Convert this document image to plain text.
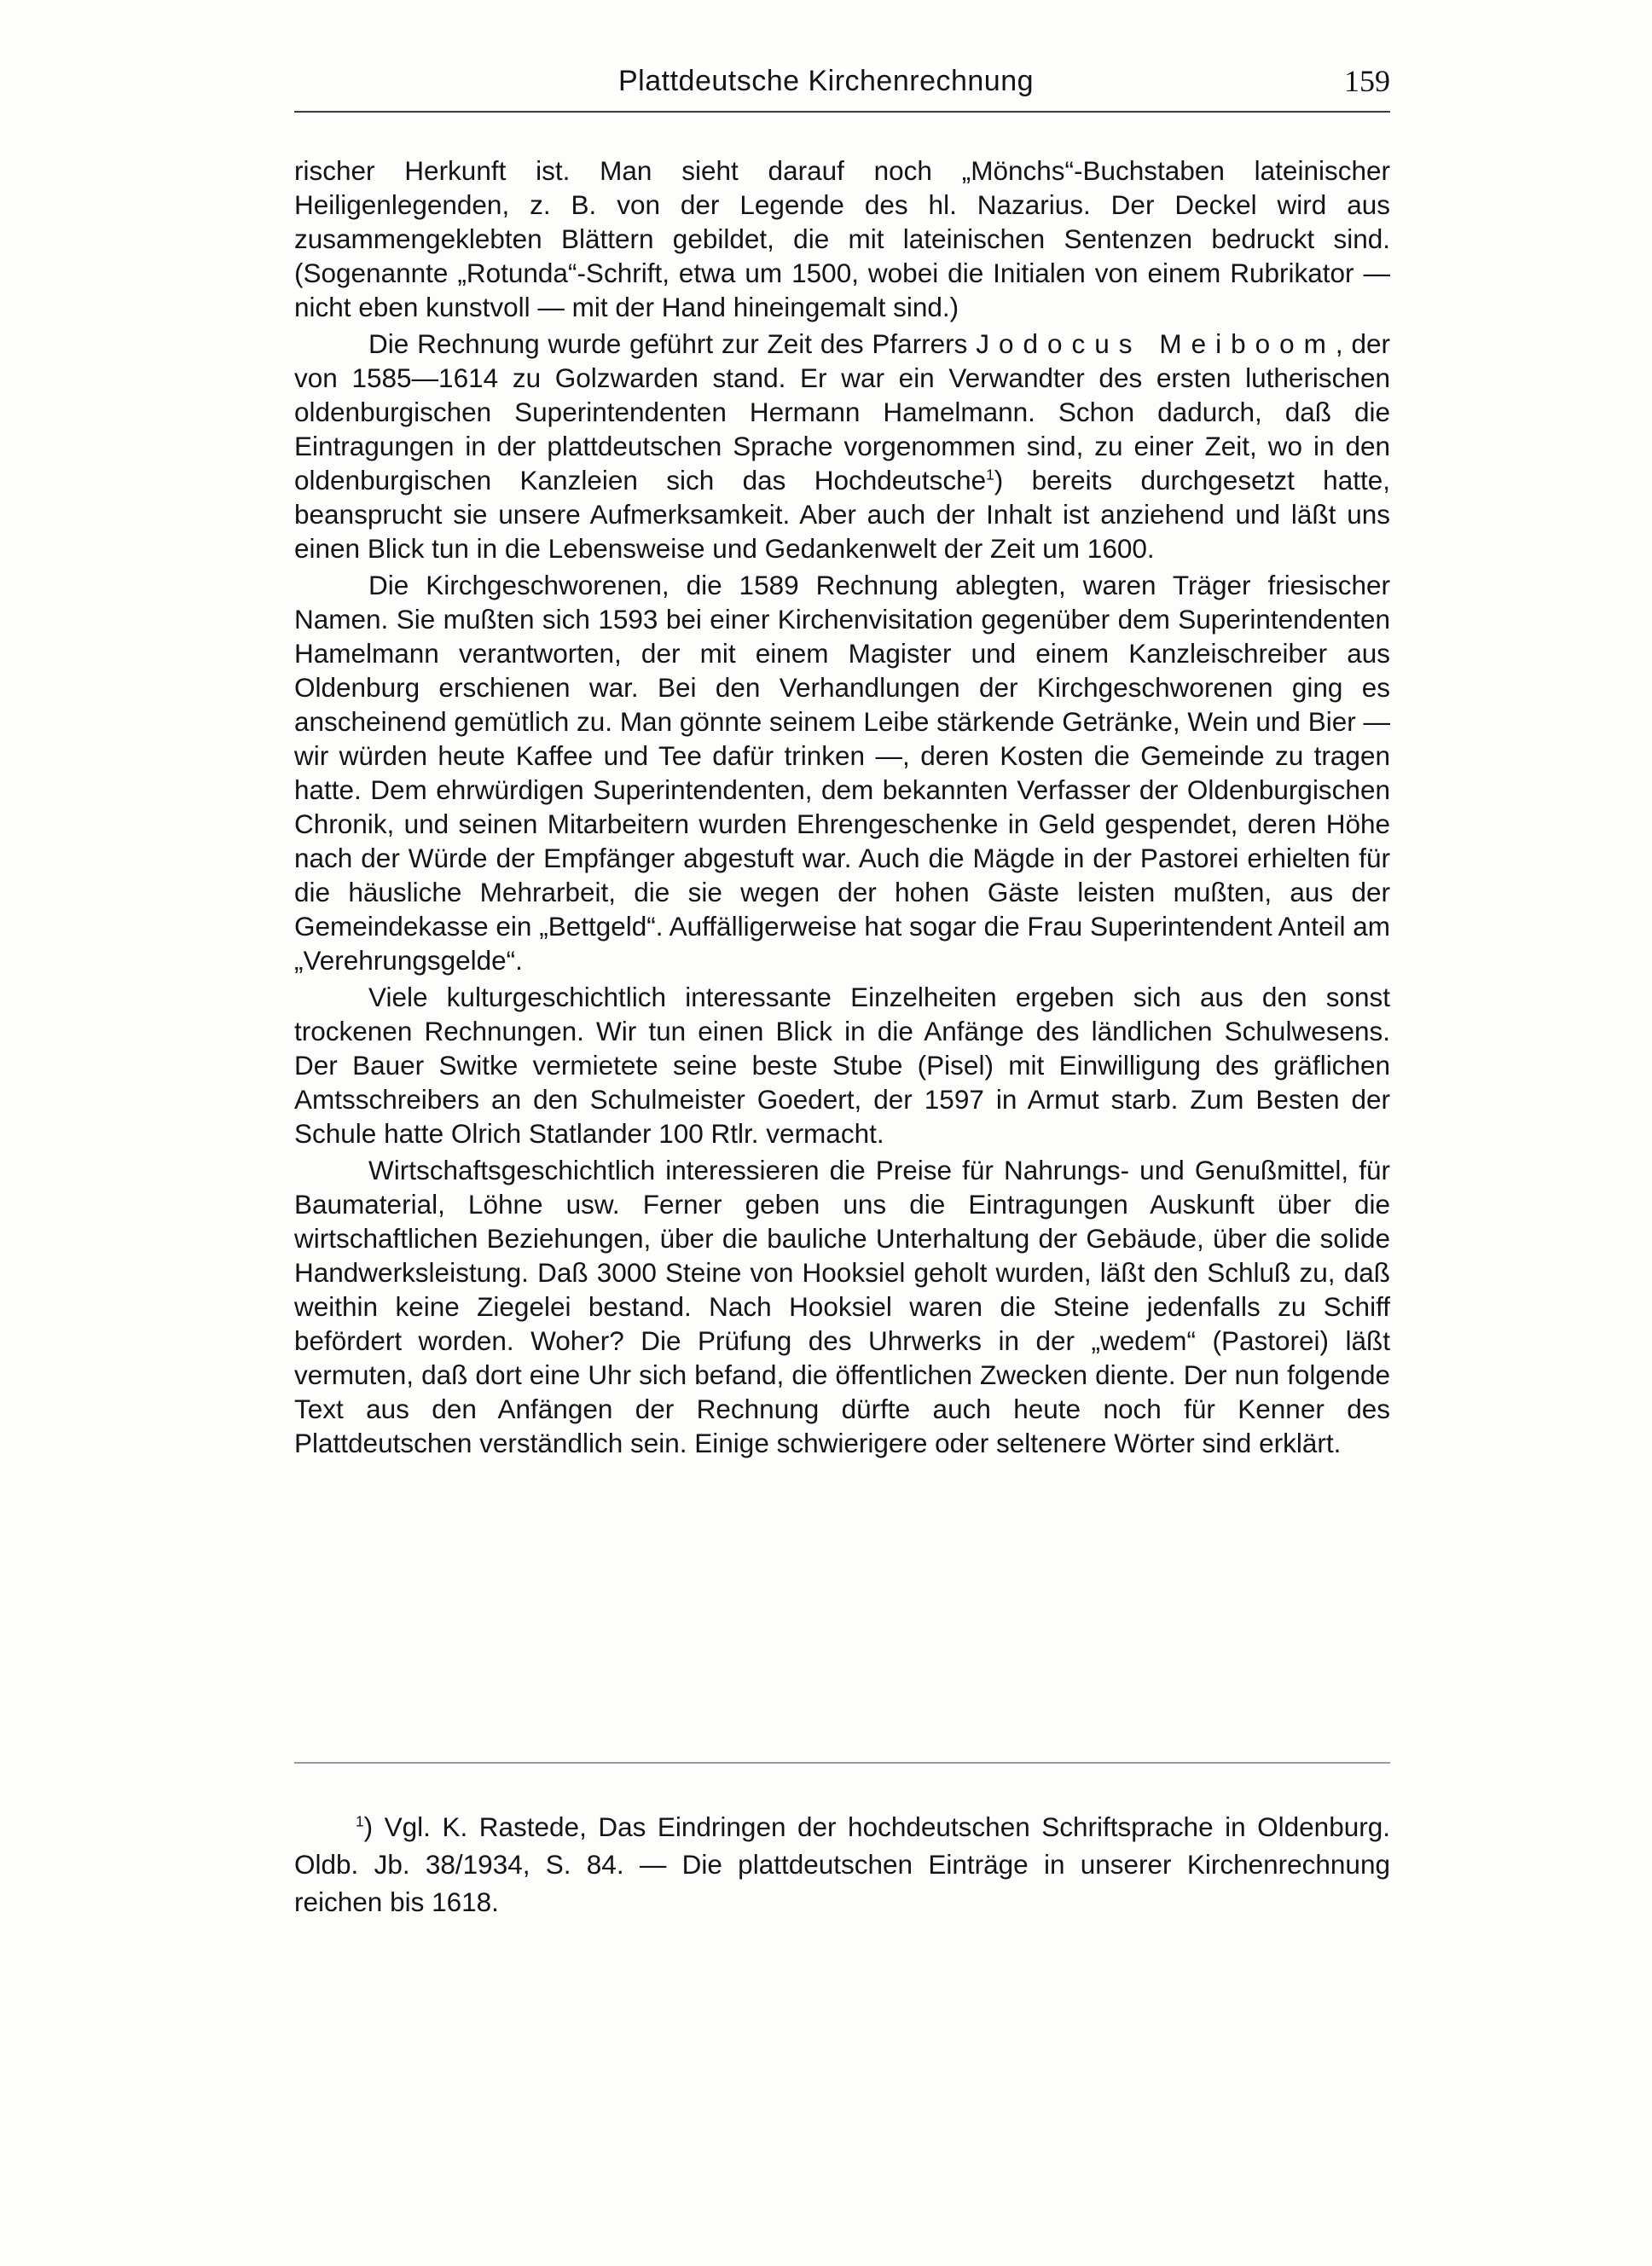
Plattdeutsche Kirchenrechnung	159

rischer Herkunft ist. Man sieht darauf noch „Mönchs“-Buchstaben lateinischer Heiligenlegenden, z. B. von der Legende des hl. Nazarius. Der Deckel wird aus zusammengeklebten Blättern gebildet, die mit lateinischen Sentenzen bedruckt sind. (Sogenannte „Rotunda“-Schrift, etwa um 1500, wobei die Initialen von einem Rubrikator — nicht eben kunstvoll — mit der Hand hineingemalt sind.)

Die Rechnung wurde geführt zur Zeit des Pfarrers Jodocus Meiboom, der von 1585—1614 zu Golzwarden stand. Er war ein Verwandter des ersten lutherischen oldenburgischen Superintendenten Hermann Hamelmann. Schon dadurch, daß die Eintragungen in der plattdeutschen Sprache vorgenommen sind, zu einer Zeit, wo in den oldenburgischen Kanzleien sich das Hochdeutsche$^1$) bereits durchgesetzt hatte, beansprucht sie unsere Aufmerksamkeit. Aber auch der Inhalt ist anziehend und läßt uns einen Blick tun in die Lebensweise und Gedankenwelt der Zeit um 1600.

Die Kirchgeschworenen, die 1589 Rechnung ablegten, waren Träger friesischer Namen. Sie mußten sich 1593 bei einer Kirchenvisitation gegenüber dem Superintendenten Hamelmann verantworten, der mit einem Magister und einem Kanzleischreiber aus Oldenburg erschienen war. Bei den Verhandlungen der Kirchgeschworenen ging es anscheinend gemütlich zu. Man gönnte seinem Leibe stärkende Getränke, Wein und Bier — wir würden heute Kaffee und Tee dafür trinken —, deren Kosten die Gemeinde zu tragen hatte. Dem ehrwürdigen Superintendenten, dem bekannten Verfasser der Oldenburgischen Chronik, und seinen Mitarbeitern wurden Ehrengeschenke in Geld gespendet, deren Höhe nach der Würde der Empfänger abgestuft war. Auch die Mägde in der Pastorei erhielten für die häusliche Mehrarbeit, die sie wegen der hohen Gäste leisten mußten, aus der Gemeindekasse ein „Bettgeld“. Auffälligerweise hat sogar die Frau Superintendent Anteil am „Verehrungsgelde“.

Viele kulturgeschichtlich interessante Einzelheiten ergeben sich aus den sonst trockenen Rechnungen. Wir tun einen Blick in die Anfänge des ländlichen Schulwesens. Der Bauer Switke vermietete seine beste Stube (Pisel) mit Einwilligung des gräflichen Amtsschreibers an den Schulmeister Goedert, der 1597 in Armut starb. Zum Besten der Schule hatte Olrich Statlander 100 Rtlr. vermacht.

Wirtschaftsgeschichtlich interessieren die Preise für Nahrungs- und Genußmittel, für Baumaterial, Löhne usw. Ferner geben uns die Eintragungen Auskunft über die wirtschaftlichen Beziehungen, über die bauliche Unterhaltung der Gebäude, über die solide Handwerksleistung. Daß 3000 Steine von Hooksiel geholt wurden, läßt den Schluß zu, daß weithin keine Ziegelei bestand. Nach Hooksiel waren die Steine jedenfalls zu Schiff befördert worden. Woher? Die Prüfung des Uhrwerks in der „wedem“ (Pastorei) läßt vermuten, daß dort eine Uhr sich befand, die öffentlichen Zwecken diente. Der nun folgende Text aus den Anfängen der Rechnung dürfte auch heute noch für Kenner des Plattdeutschen verständlich sein. Einige schwierigere oder seltenere Wörter sind erklärt.

$^1$) Vgl. K. Rastede, Das Eindringen der hochdeutschen Schriftsprache in Oldenburg. Oldb. Jb. 38/1934, S. 84. — Die plattdeutschen Einträge in unserer Kirchenrechnung reichen bis 1618.
